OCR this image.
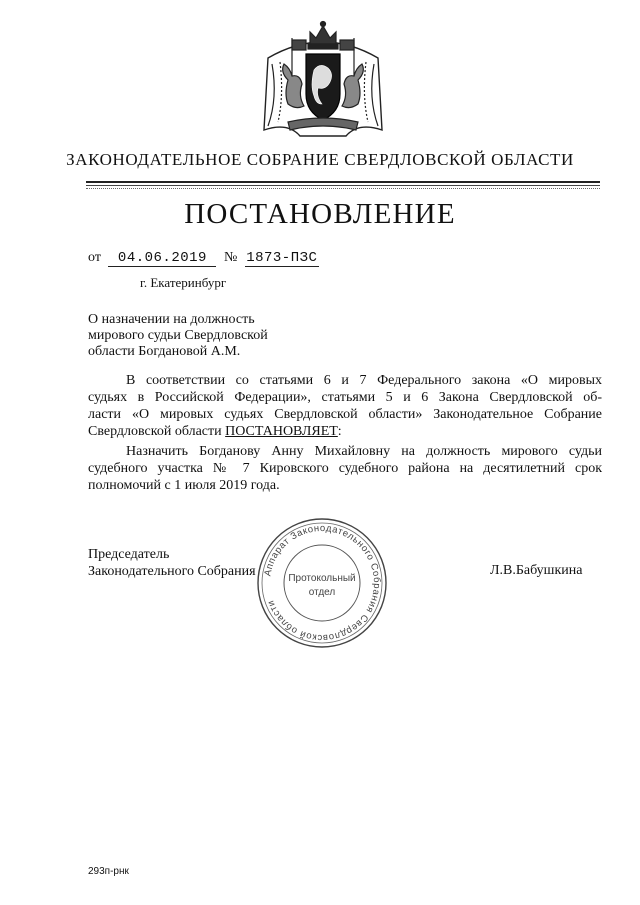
ЗАКОНОДАТЕЛЬНОЕ СОБРАНИЕ СВЕРДЛОВСКОЙ ОБЛАСТИ
ПОСТАНОВЛЕНИЕ
от 04.06.2019 № 1873-ПЗС
г. Екатеринбург
О назначении на должность
мирового судьи Свердловской
области Богдановой А.М.
В соответствии со статьями 6 и 7 Федерального закона «О мировых
судьях в Российской Федерации», статьями 5 и 6 Закона Свердловской об-
ласти «О мировых судьях Свердловской области» Законодательное Собрание
Свердловской области ПОСТАНОВЛЯЕТ:
Назначить Богданову Анну Михайловну на должность мирового судьи
судебного участка № 7 Кировского судебного района на десятилетний срок
полномочий с 1 июля 2019 года.
Председатель
Законодательного Собрания	Л.В.Бабушкина
Аппарат Законодательного Собрания Свердловской области
Протокольный
отдел
293п-рнк
